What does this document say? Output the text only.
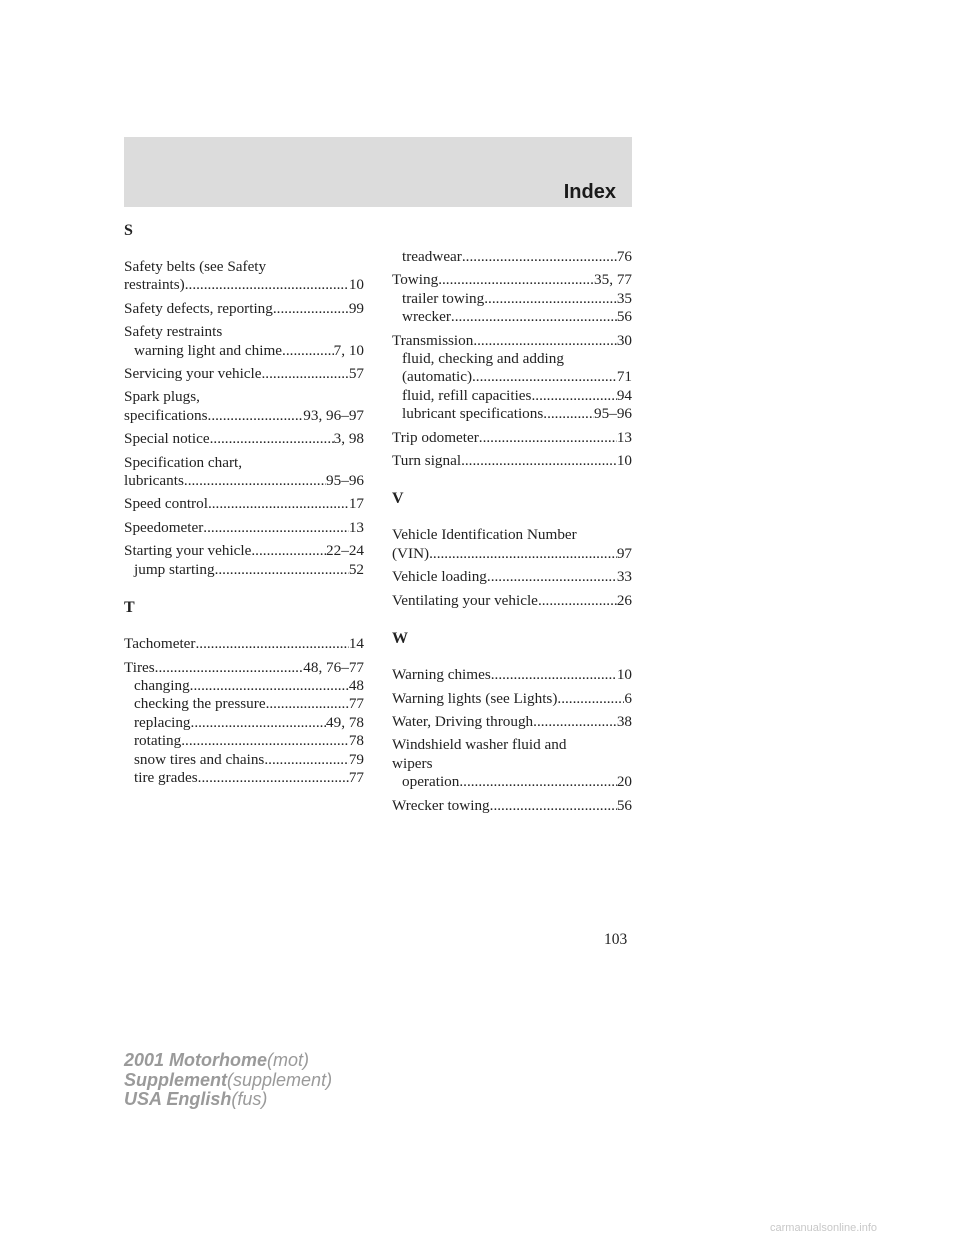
Index
S
Safety belts (see Safety
restraints) .....	10
Safety defects, reporting .....	99
Safety restraints
warning light and chime .....	7, 10
Servicing your vehicle .....	57
Spark plugs,
specifications .....	93, 96–97
Special notice .....	3, 98
Specification chart,
lubricants .....	95–96
Speed control .....	17
Speedometer .....	13
Starting your vehicle .....	22–24
jump starting .....	52
T
Tachometer .....	14
Tires .....	48, 76–77
changing .....	48
checking the pressure .....	77
replacing .....	49, 78
rotating .....	78
snow tires and chains .....	79
tire grades .....	77
treadwear .....	76
Towing .....	35, 77
trailer towing .....	35
wrecker .....	56
Transmission .....	30
fluid, checking and adding
(automatic) .....	71
fluid, refill capacities .....	94
lubricant specifications .....	95–96
Trip odometer .....	13
Turn signal .....	10
V
Vehicle Identification Number
(VIN) .....	97
Vehicle loading .....	33
Ventilating your vehicle .....	26
W
Warning chimes .....	10
Warning lights (see Lights) .....	6
Water, Driving through .....	38
Windshield washer fluid and
wipers
operation .....	20
Wrecker towing .....	56
103
2001 Motorhome(mot)
Supplement(supplement)
USA English(fus)
carmanualsonline.info
